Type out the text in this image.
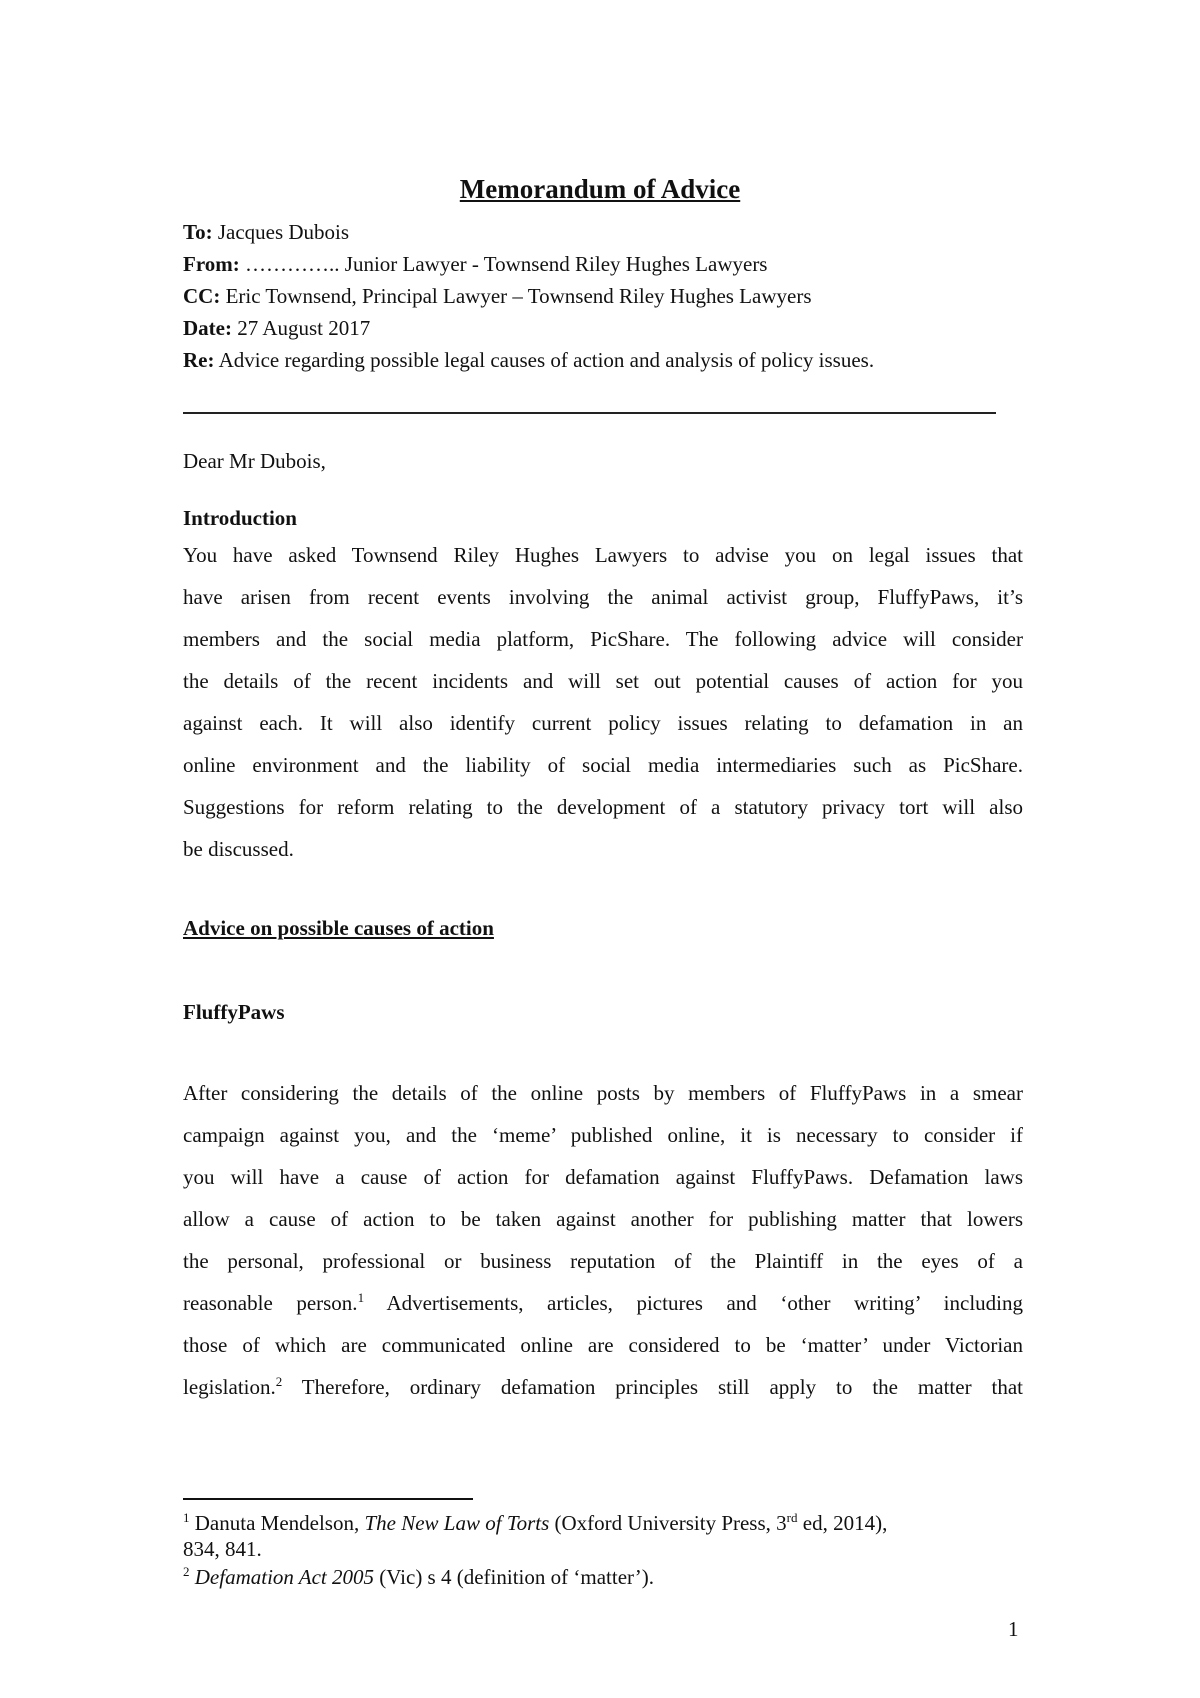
Memorandum of Advice
To: Jacques Dubois
From: ………….. Junior Lawyer - Townsend Riley Hughes Lawyers
CC: Eric Townsend, Principal Lawyer – Townsend Riley Hughes Lawyers
Date: 27 August 2017
Re: Advice regarding possible legal causes of action and analysis of policy issues.
Dear Mr Dubois,
Introduction
You have asked Townsend Riley Hughes Lawyers to advise you on legal issues that
have arisen from recent events involving the animal activist group, FluffyPaws, it’s
members and the social media platform, PicShare. The following advice will consider
the details of the recent incidents and will set out potential causes of action for you
against each. It will also identify current policy issues relating to defamation in an
online environment and the liability of social media intermediaries such as PicShare.
Suggestions for reform relating to the development of a statutory privacy tort will also
be discussed.
Advice on possible causes of action
FluffyPaws
After considering the details of the online posts by members of FluffyPaws in a smear
campaign against you, and the ‘meme’ published online, it is necessary to consider if
you will have a cause of action for defamation against FluffyPaws. Defamation laws
allow a cause of action to be taken against another for publishing matter that lowers
the personal, professional or business reputation of the Plaintiff in the eyes of a
reasonable person.$^1$ Advertisements, articles, pictures and ‘other writing’ including
those of which are communicated online are considered to be ‘matter’ under Victorian
legislation.$^2$ Therefore, ordinary defamation principles still apply to the matter that
$^1$ Danuta Mendelson, The New Law of Torts (Oxford University Press, 3rd ed, 2014),
834, 841.
$^2$ Defamation Act 2005 (Vic) s 4 (definition of ‘matter’).
1
